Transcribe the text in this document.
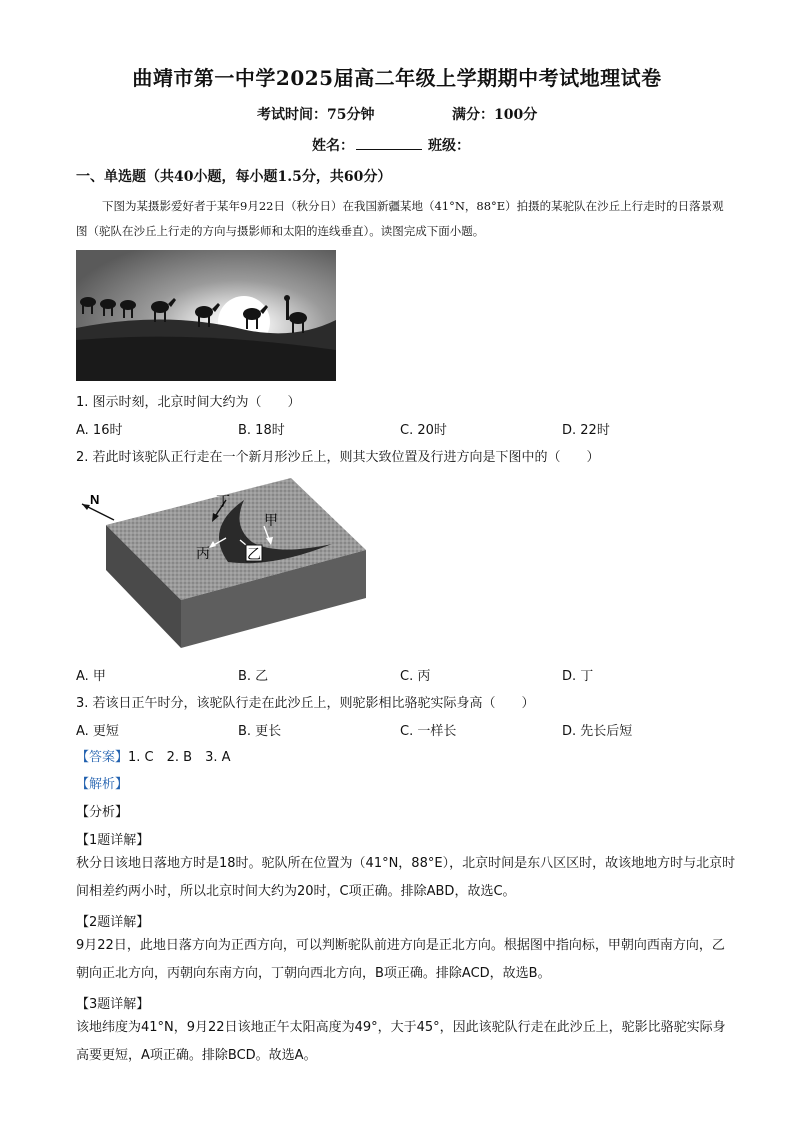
曲靖市第一中学2025届高二年级上学期期中考试地理试卷
考试时间：75分钟	满分：100分
姓名：	班级：
一、单选题（共40小题，每小题1.5分，共60分）
下图为某摄影爱好者于某年9月22日（秋分日）在我国新疆某地（41°N，88°E）拍摄的某驼队在沙丘上行走时的日落景观图（驼队在沙丘上行走的方向与摄影师和太阳的连线垂直）。读图完成下面小题。
1. 图示时刻，北京时间大约为（　　）
A. 16时	B. 18时	C. 20时	D. 22时
2. 若此时该驼队正行走在一个新月形沙丘上，则其大致位置及行进方向是下图中的（　　）
N	丁
甲
丙	乙
A. 甲	B. 乙	C. 丙	D. 丁
3. 若该日正午时分，该驼队行走在此沙丘上，则驼影相比骆驼实际身高（　　）
A. 更短	B. 更长	C. 一样长	D. 先长后短
【答案】1. C　2. B　3. A
【解析】
【分析】
【1题详解】
秋分日该地日落地方时是18时。驼队所在位置为（41°N，88°E），北京时间是东八区区时，故该地地方时与北京时间相差约两小时，所以北京时间大约为20时，C项正确。排除ABD，故选C。
【2题详解】
9月22日，此地日落方向为正西方向，可以判断驼队前进方向是正北方向。根据图中指向标，甲朝向西南方向，乙朝向正北方向，丙朝向东南方向，丁朝向西北方向，B项正确。排除ACD，故选B。
【3题详解】
该地纬度为41°N，9月22日该地正午太阳高度为49°，大于45°，因此该驼队行走在此沙丘上，驼影比骆驼实际身高要更短，A项正确。排除BCD。故选A。
